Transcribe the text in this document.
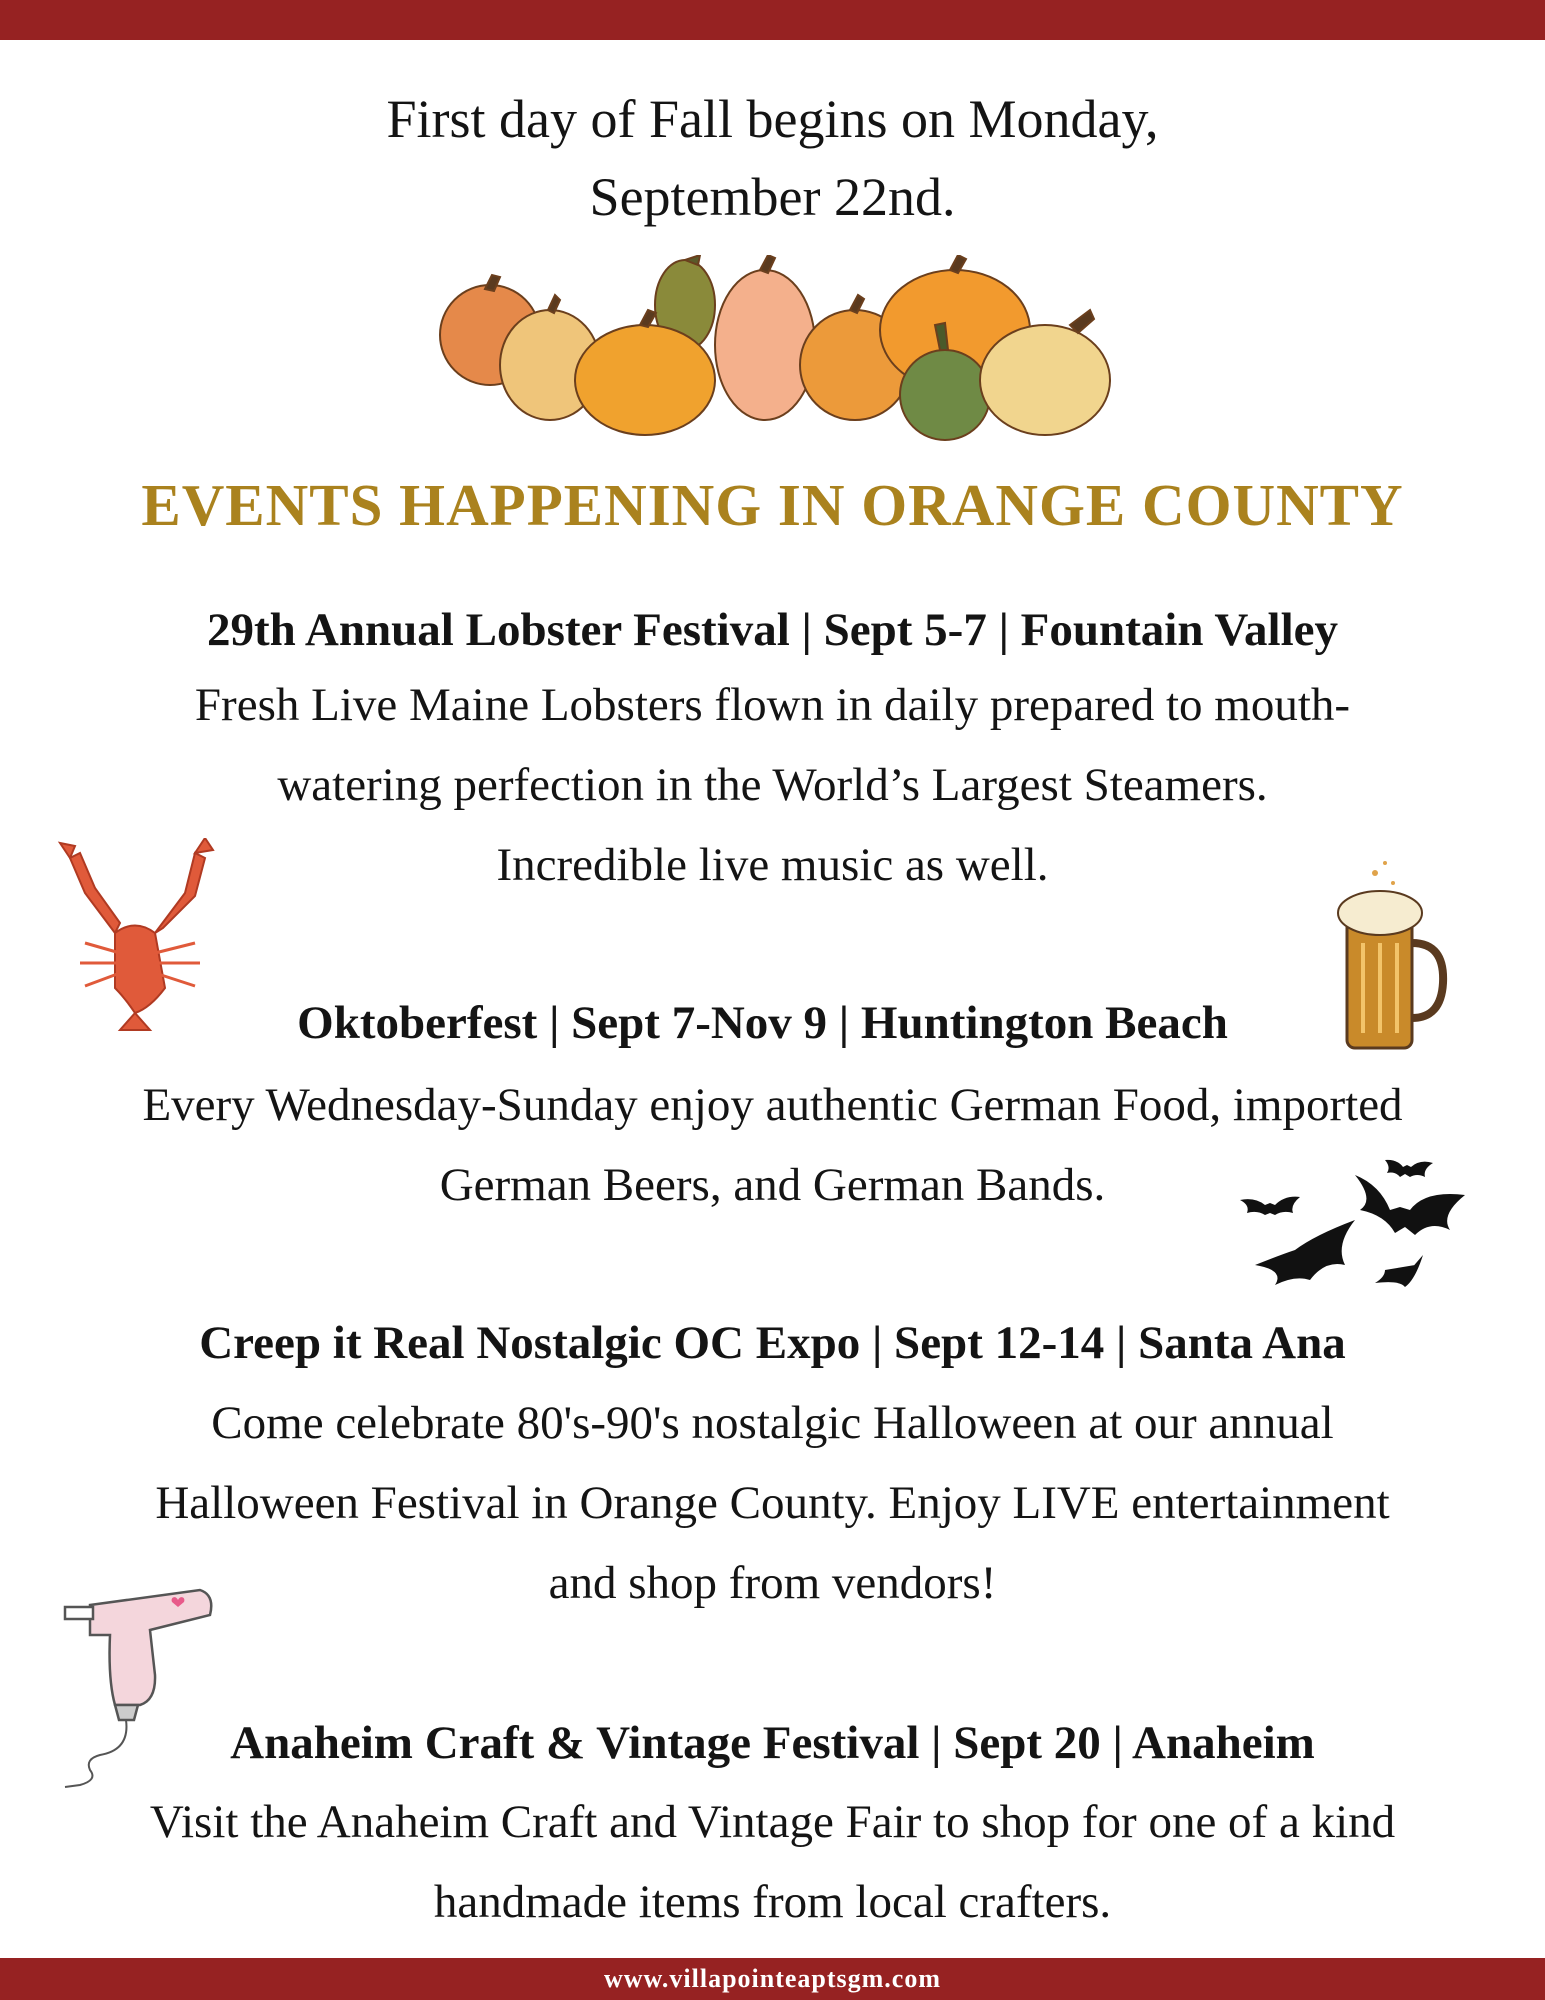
First day of Fall begins on Monday,
September 22nd.
EVENTS HAPPENING IN ORANGE COUNTY
29th Annual Lobster Festival | Sept 5-7 | Fountain Valley
Fresh Live Maine Lobsters flown in daily prepared to mouth-
watering perfection in the World’s Largest Steamers.
Incredible live music as well.
Oktoberfest | Sept 7-Nov 9 | Huntington Beach
Every Wednesday-Sunday enjoy authentic German Food, imported
German Beers, and German Bands.
Creep it Real Nostalgic OC Expo | Sept 12-14 | Santa Ana
Come celebrate 80's-90's nostalgic Halloween at our annual
Halloween Festival in Orange County. Enjoy LIVE entertainment
and shop from vendors!
Anaheim Craft & Vintage Festival | Sept 20 | Anaheim
Visit the Anaheim Craft and Vintage Fair to shop for one of a kind
handmade items from local crafters.
www.villapointeaptsgm.com
